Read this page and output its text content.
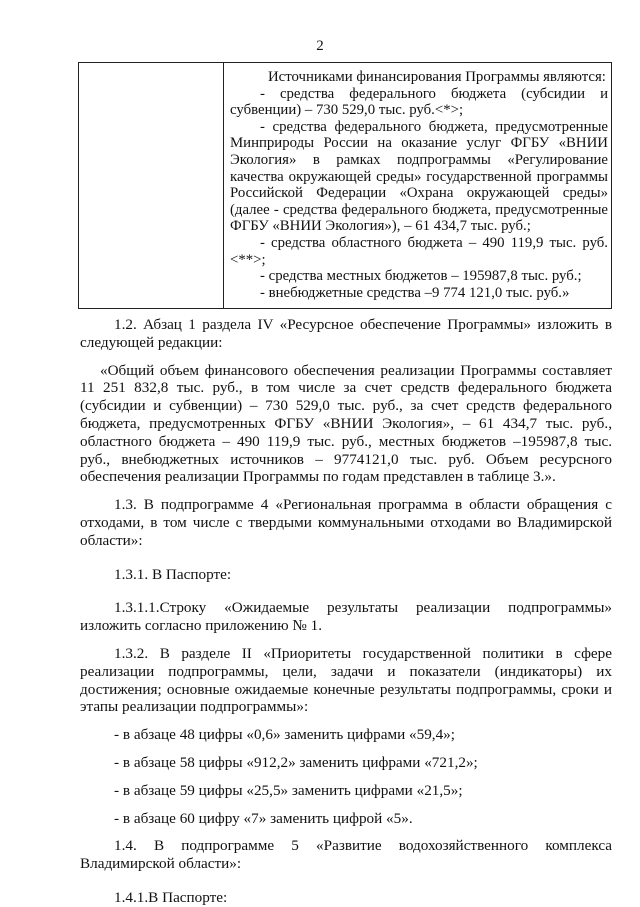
2

Источниками финансирования Программы являются:

- средства федерального бюджета (субсидии и субвенции) – 730 529,0 тыс. руб.<*>;

- средства федерального бюджета, предусмотренные Минприроды России на оказание услуг ФГБУ «ВНИИ Экология» в рамках подпрограммы «Регулирование качества окружающей среды» государственной программы Российской Федерации «Охрана окружающей среды» (далее - средства федерального бюджета, предусмотренные ФГБУ «ВНИИ Экология»), – 61 434,7 тыс. руб.;

- средства областного бюджета – 490 119,9 тыс. руб.<**>;

- средства местных бюджетов – 195987,8 тыс. руб.;

- внебюджетные средства –9 774 121,0 тыс. руб.»

1.2. Абзац 1 раздела IV «Ресурсное обеспечение Программы» изложить в следующей редакции:

«Общий объем финансового обеспечения реализации Программы составляет 11 251 832,8 тыс. руб., в том числе за счет средств федерального бюджета (субсидии и субвенции) – 730 529,0 тыс. руб., за счет средств федерального бюджета, предусмотренных ФГБУ «ВНИИ Экология», – 61 434,7 тыс. руб., областного бюджета – 490 119,9 тыс. руб., местных бюджетов –195987,8 тыс. руб., внебюджетных источников – 9774121,0 тыс. руб. Объем ресурсного обеспечения реализации Программы по годам представлен в таблице 3.».

1.3. В подпрограмме 4 «Региональная программа в области обращения с отходами, в том числе с твердыми коммунальными отходами во Владимирской области»:

1.3.1. В Паспорте:

1.3.1.1.Строку «Ожидаемые результаты реализации подпрограммы» изложить согласно приложению № 1.

1.3.2. В разделе II «Приоритеты государственной политики в сфере реализации подпрограммы, цели, задачи и показатели (индикаторы) их достижения; основные ожидаемые конечные результаты подпрограммы, сроки и этапы реализации подпрограммы»:

- в абзаце 48 цифры «0,6» заменить цифрами «59,4»;

- в абзаце 58 цифры «912,2» заменить цифрами «721,2»;

- в абзаце 59 цифры «25,5» заменить цифрами «21,5»;

- в абзаце 60 цифру «7» заменить цифрой «5».

1.4. В подпрограмме 5 «Развитие водохозяйственного комплекса Владимирской области»:

1.4.1.В Паспорте:
